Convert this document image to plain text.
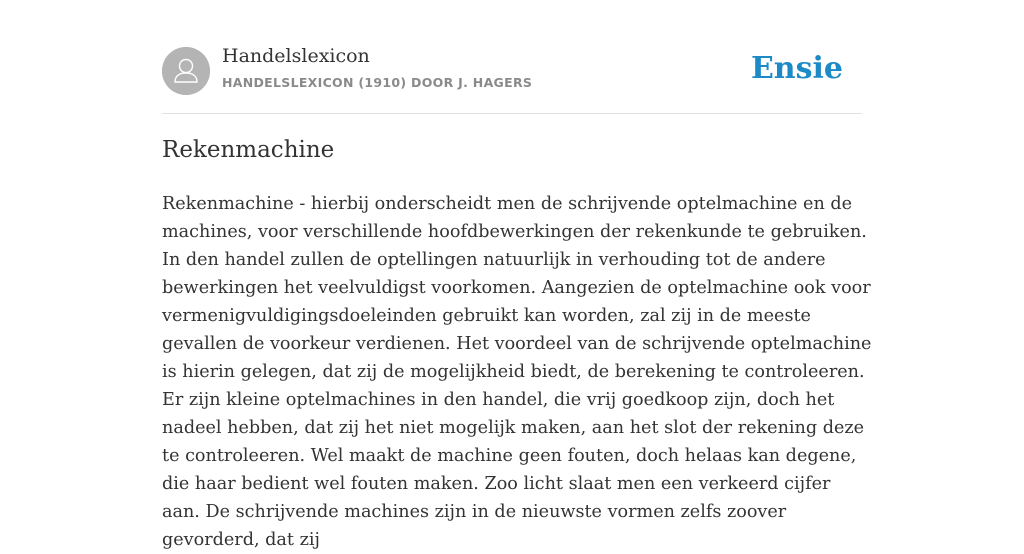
Handelslexicon
HANDELSLEXICON (1910) DOOR J. HAGERS	Ensie
Rekenmachine

Rekenmachine - hierbij onderscheidt men de schrijvende optelmachine en de machines, voor verschillende hoofdbewerkingen der rekenkunde te gebruiken. In den handel zullen de optellingen natuurlijk in verhouding tot de andere bewerkingen het veelvuldigst voorkomen. Aangezien de optelmachine ook voor vermenigvuldigingsdoeleinden gebruikt kan worden, zal zij in de meeste gevallen de voorkeur verdienen. Het voordeel van de schrijvende optelmachine is hierin gelegen, dat zij de mogelijkheid biedt, de berekening te controleeren. Er zijn kleine optelmachines in den handel, die vrij goedkoop zijn, doch het nadeel hebben, dat zij het niet mogelijk maken, aan het slot der rekening deze te controleeren. Wel maakt de machine geen fouten, doch helaas kan degene, die haar bedient wel fouten maken. Zoo licht slaat men een verkeerd cijfer aan. De schrijvende machines zijn in de nieuwste vormen zelfs zoover gevorderd, dat zij
